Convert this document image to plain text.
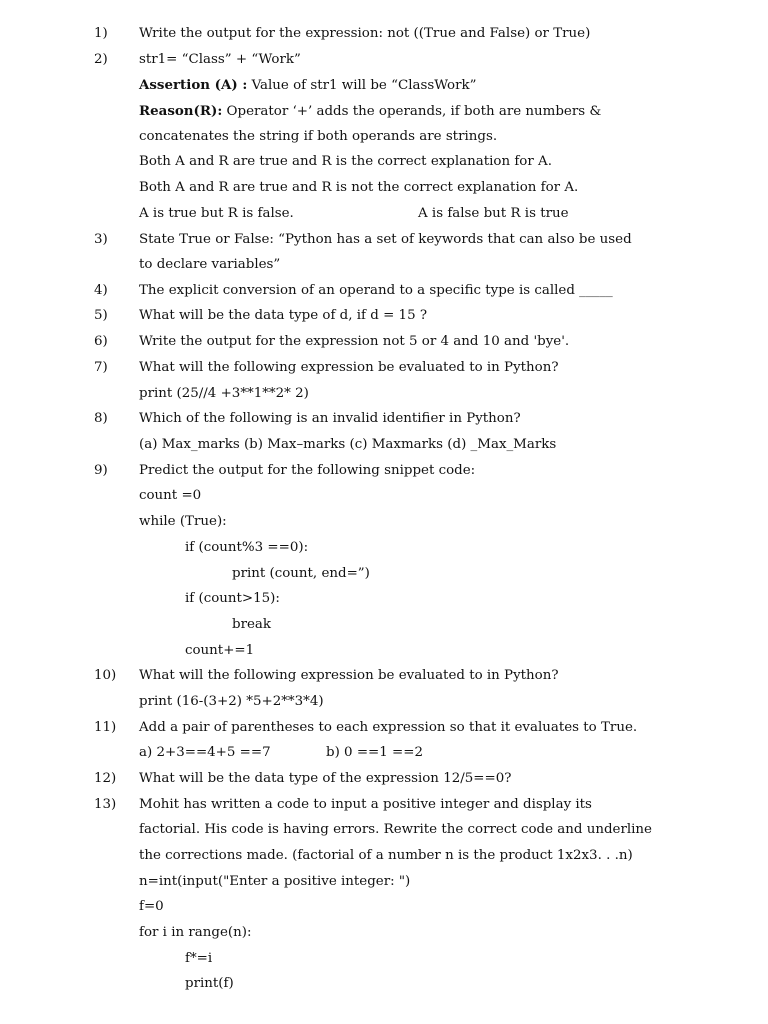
1) Write the output for the expression: not ((True and False) or True)
2) str1= “Class” + “Work”
Assertion (A) : Value of str1 will be “ClassWork”
Reason(R): Operator ‘+’ adds the operands, if both are numbers &
concatenates the string if both operands are strings.
Both A and R are true and R is the correct explanation for A.
Both A and R are true and R is not the correct explanation for A.
A is true but R is false.	A is false but R is true
3) State True or False: “Python has a set of keywords that can also be used
to declare variables”
4) The explicit conversion of an operand to a specific type is called _____
5) What will be the data type of d, if d = 15 ?
6) Write the output for the expression not 5 or 4 and 10 and 'bye'.
7) What will the following expression be evaluated to in Python?
print (25//4 +3**1**2* 2)
8) Which of the following is an invalid identifier in Python?
(a) Max_marks (b) Max–marks (c) Maxmarks (d) _Max_Marks
9) Predict the output for the following snippet code:
count =0
while (True):
if (count%3 ==0):
print (count, end=”)
if (count>15):
break
count+=1
10) What will the following expression be evaluated to in Python?
print (16-(3+2) *5+2**3*4)
11) Add a pair of parentheses to each expression so that it evaluates to True.
a) 2+3==4+5 ==7	b) 0 ==1 ==2
12) What will be the data type of the expression 12/5==0?
13) Mohit has written a code to input a positive integer and display its
factorial. His code is having errors. Rewrite the correct code and underline
the corrections made. (factorial of a number n is the product 1x2x3. . .n)
n=int(input("Enter a positive integer: ")
f=0
for i in range(n):
f*=i
print(f)
